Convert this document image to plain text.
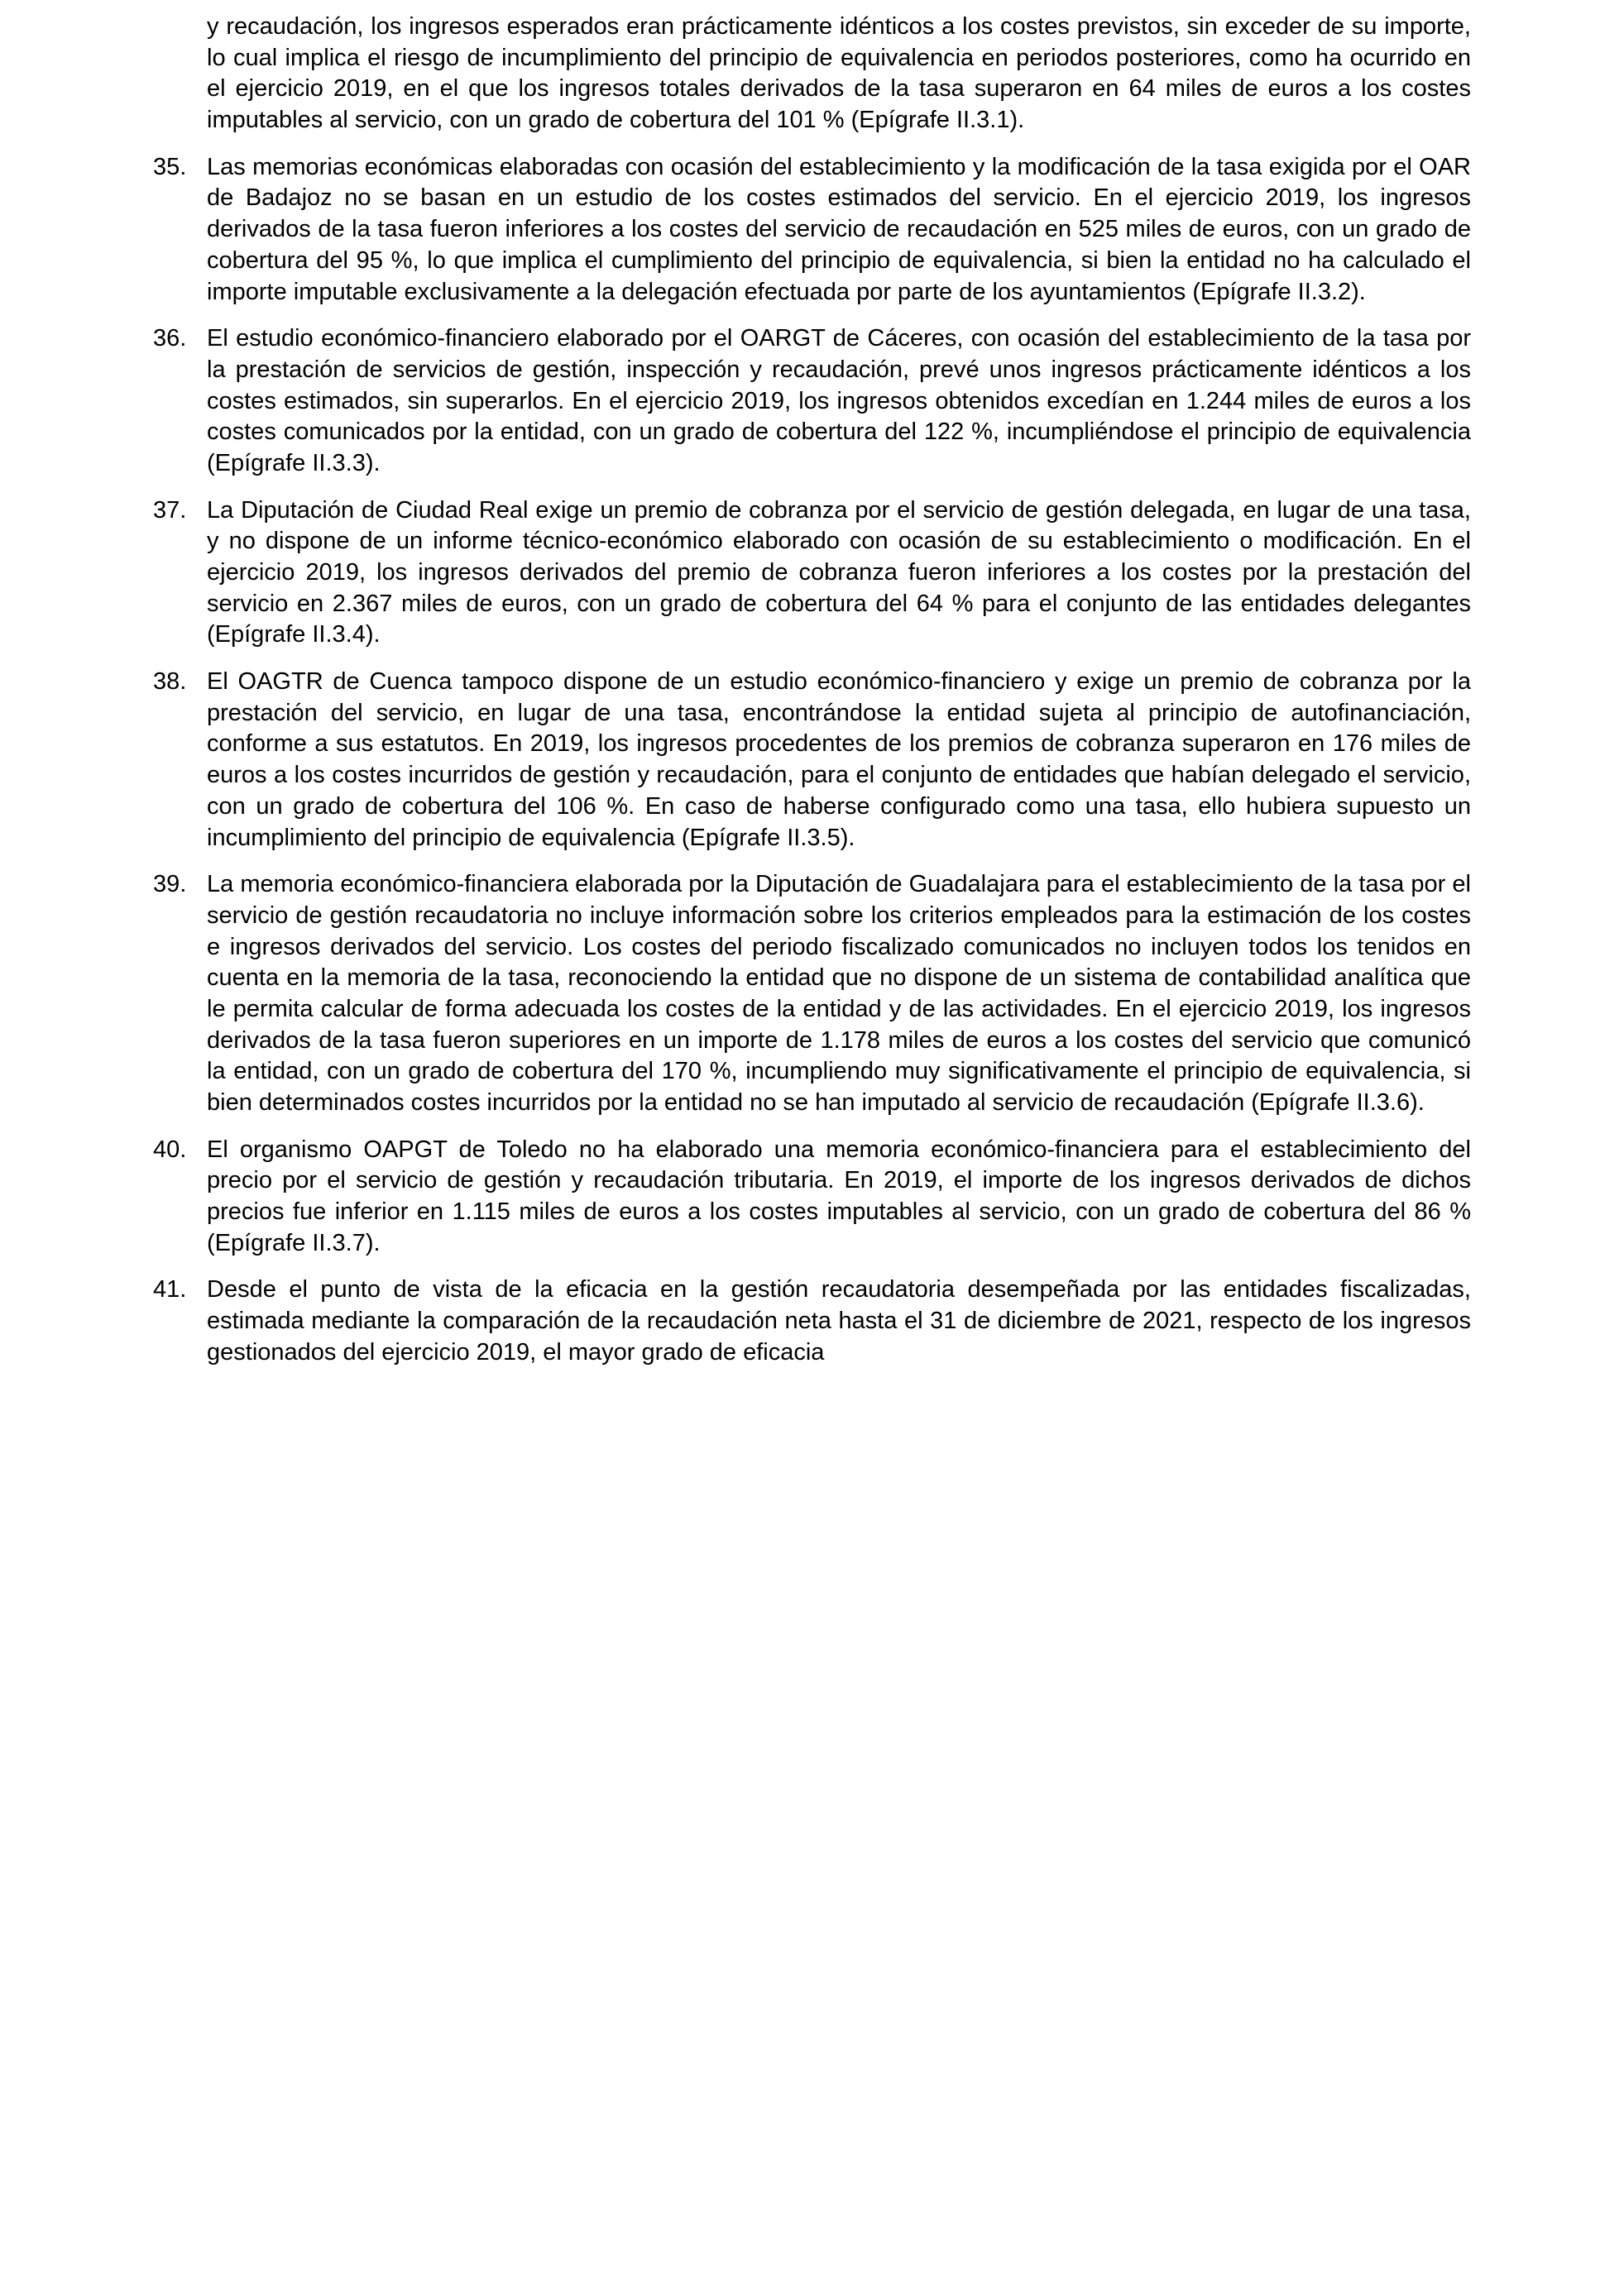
y recaudación, los ingresos esperados eran prácticamente idénticos a los costes previstos, sin exceder de su importe, lo cual implica el riesgo de incumplimiento del principio de equivalencia en periodos posteriores, como ha ocurrido en el ejercicio 2019, en el que los ingresos totales derivados de la tasa superaron en 64 miles de euros a los costes imputables al servicio, con un grado de cobertura del 101 % (Epígrafe II.3.1).

35. Las memorias económicas elaboradas con ocasión del establecimiento y la modificación de la tasa exigida por el OAR de Badajoz no se basan en un estudio de los costes estimados del servicio. En el ejercicio 2019, los ingresos derivados de la tasa fueron inferiores a los costes del servicio de recaudación en 525 miles de euros, con un grado de cobertura del 95 %, lo que implica el cumplimiento del principio de equivalencia, si bien la entidad no ha calculado el importe imputable exclusivamente a la delegación efectuada por parte de los ayuntamientos (Epígrafe II.3.2).

36. El estudio económico-financiero elaborado por el OARGT de Cáceres, con ocasión del establecimiento de la tasa por la prestación de servicios de gestión, inspección y recaudación, prevé unos ingresos prácticamente idénticos a los costes estimados, sin superarlos. En el ejercicio 2019, los ingresos obtenidos excedían en 1.244 miles de euros a los costes comunicados por la entidad, con un grado de cobertura del 122 %, incumpliéndose el principio de equivalencia (Epígrafe II.3.3).

37. La Diputación de Ciudad Real exige un premio de cobranza por el servicio de gestión delegada, en lugar de una tasa, y no dispone de un informe técnico-económico elaborado con ocasión de su establecimiento o modificación. En el ejercicio 2019, los ingresos derivados del premio de cobranza fueron inferiores a los costes por la prestación del servicio en 2.367 miles de euros, con un grado de cobertura del 64 % para el conjunto de las entidades delegantes (Epígrafe II.3.4).

38. El OAGTR de Cuenca tampoco dispone de un estudio económico-financiero y exige un premio de cobranza por la prestación del servicio, en lugar de una tasa, encontrándose la entidad sujeta al principio de autofinanciación, conforme a sus estatutos. En 2019, los ingresos procedentes de los premios de cobranza superaron en 176 miles de euros a los costes incurridos de gestión y recaudación, para el conjunto de entidades que habían delegado el servicio, con un grado de cobertura del 106 %. En caso de haberse configurado como una tasa, ello hubiera supuesto un incumplimiento del principio de equivalencia (Epígrafe II.3.5).

39. La memoria económico-financiera elaborada por la Diputación de Guadalajara para el establecimiento de la tasa por el servicio de gestión recaudatoria no incluye información sobre los criterios empleados para la estimación de los costes e ingresos derivados del servicio. Los costes del periodo fiscalizado comunicados no incluyen todos los tenidos en cuenta en la memoria de la tasa, reconociendo la entidad que no dispone de un sistema de contabilidad analítica que le permita calcular de forma adecuada los costes de la entidad y de las actividades. En el ejercicio 2019, los ingresos derivados de la tasa fueron superiores en un importe de 1.178 miles de euros a los costes del servicio que comunicó la entidad, con un grado de cobertura del 170 %, incumpliendo muy significativamente el principio de equivalencia, si bien determinados costes incurridos por la entidad no se han imputado al servicio de recaudación (Epígrafe II.3.6).

40. El organismo OAPGT de Toledo no ha elaborado una memoria económico-financiera para el establecimiento del precio por el servicio de gestión y recaudación tributaria. En 2019, el importe de los ingresos derivados de dichos precios fue inferior en 1.115 miles de euros a los costes imputables al servicio, con un grado de cobertura del 86 % (Epígrafe II.3.7).

41. Desde el punto de vista de la eficacia en la gestión recaudatoria desempeñada por las entidades fiscalizadas, estimada mediante la comparación de la recaudación neta hasta el 31 de diciembre de 2021, respecto de los ingresos gestionados del ejercicio 2019, el mayor grado de eficacia
